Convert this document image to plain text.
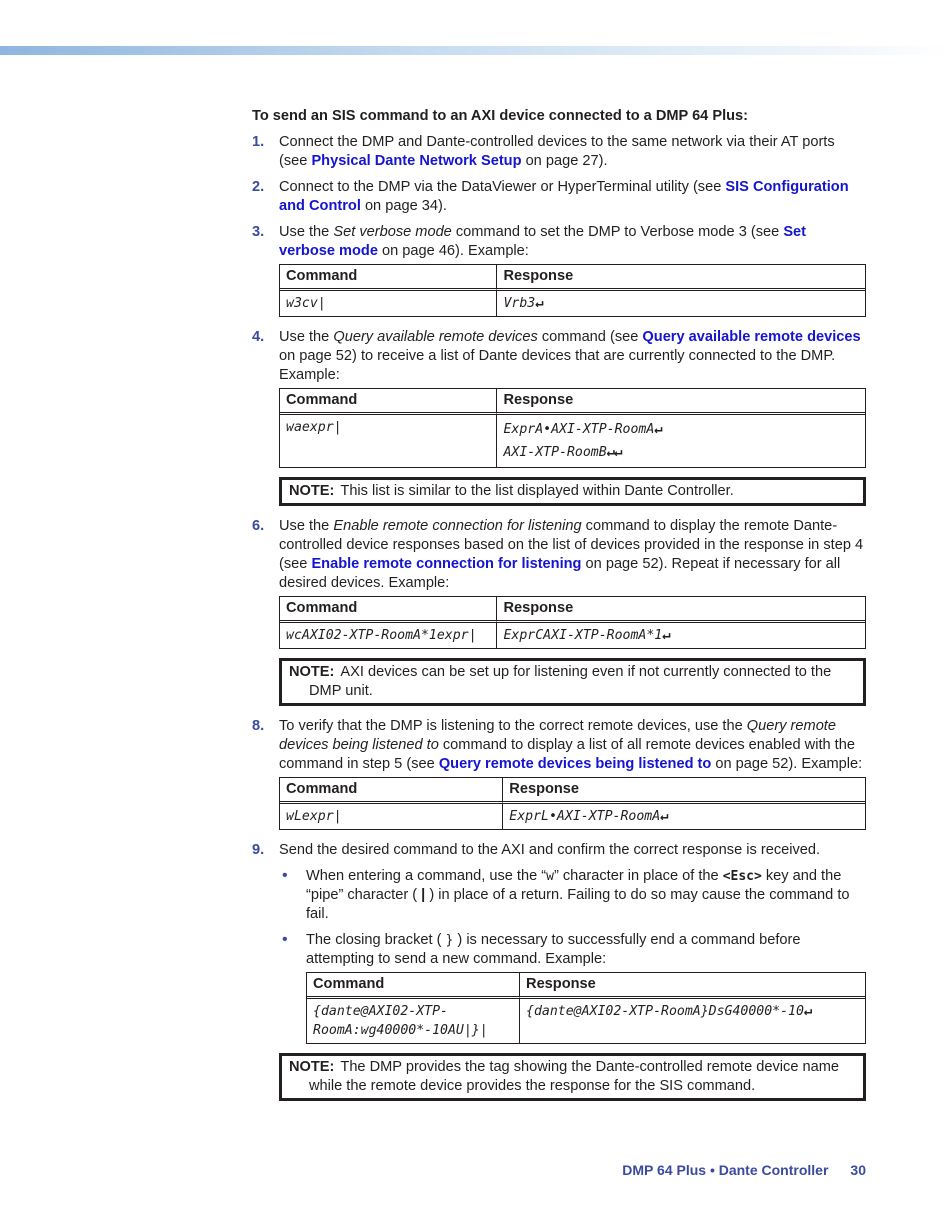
To send an SIS command to an AXI device connected to a DMP 64 Plus:
1. Connect the DMP and Dante-controlled devices to the same network via their AT ports (see Physical Dante Network Setup on page 27).
2. Connect to the DMP via the DataViewer or HyperTerminal utility (see SIS Configuration and Control on page 34).
3. Use the Set verbose mode command to set the DMP to Verbose mode 3 (see Set verbose mode on page 46). Example:
Command	Response
w3cv|	Vrb3↵
4. Use the Query available remote devices command (see Query available remote devices on page 52) to receive a list of Dante devices that are currently connected to the DMP. Example:
Command	Response
waexpr|	ExprA•AXI-XTP-RoomA↵
AXI-XTP-RoomB↵↵
NOTE: This list is similar to the list displayed within Dante Controller.
6. Use the Enable remote connection for listening command to display the remote Dante-controlled device responses based on the list of devices provided in the response in step 4 (see Enable remote connection for listening on page 52). Repeat if necessary for all desired devices. Example:
Command	Response
wcAXI02-XTP-RoomA*1expr|	ExprCAXI-XTP-RoomA*1↵
NOTE: AXI devices can be set up for listening even if not currently connected to the DMP unit.
8. To verify that the DMP is listening to the correct remote devices, use the Query remote devices being listened to command to display a list of all remote devices enabled with the command in step 5 (see Query remote devices being listened to on page 52). Example:
Command	Response
wLexpr|	ExprL•AXI-XTP-RoomA↵
9. Send the desired command to the AXI and confirm the correct response is received.
• When entering a command, use the “w” character in place of the <Esc> key and the “pipe” character ( | ) in place of a return. Failing to do so may cause the command to fail.
• The closing bracket ( } ) is necessary to successfully end a command before attempting to send a new command. Example:
Command	Response
{dante@AXI02-XTP-
RoomA:wg40000*-10AU|}|	{dante@AXI02-XTP-RoomA}DsG40000*-10↵
NOTE: The DMP provides the tag showing the Dante-controlled remote device name while the remote device provides the response for the SIS command.
DMP 64 Plus • Dante Controller 30
